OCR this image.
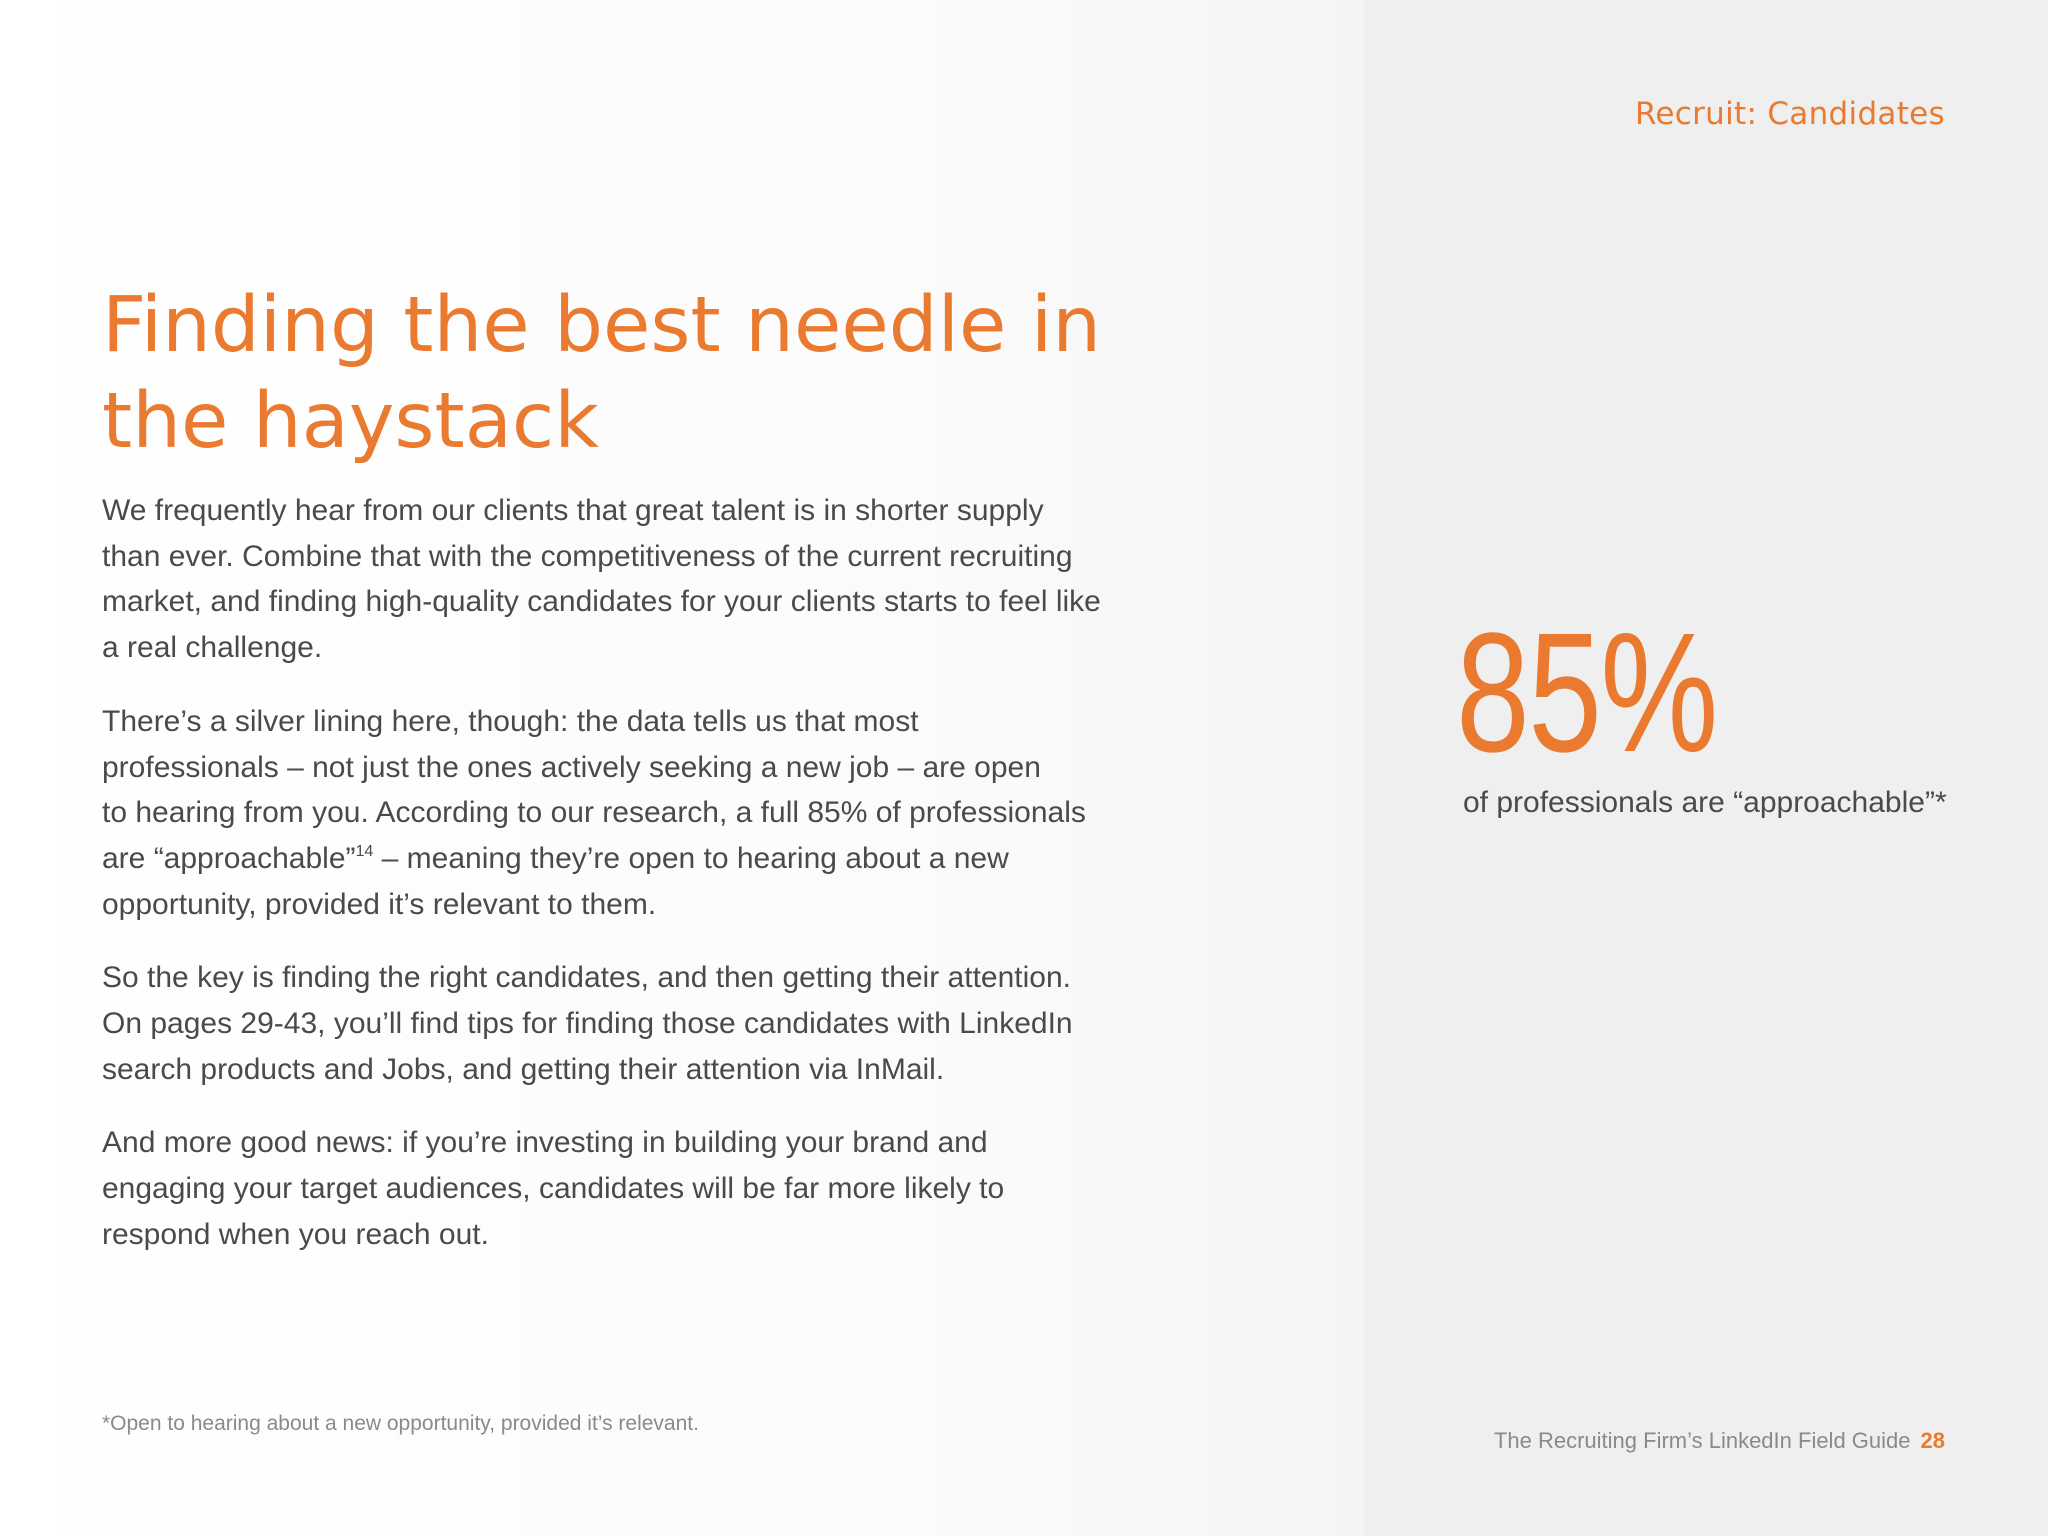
Recruit: Candidates
Finding the best needle in
the haystack

We frequently hear from our clients that great talent is in shorter supply
than ever. Combine that with the competitiveness of the current recruiting
market, and finding high-quality candidates for your clients starts to feel like
a real challenge.

There’s a silver lining here, though: the data tells us that most
professionals – not just the ones actively seeking a new job – are open
to hearing from you. According to our research, a full 85% of professionals
are “approachable”$^{14}$ – meaning they’re open to hearing about a new
opportunity, provided it’s relevant to them.

So the key is finding the right candidates, and then getting their attention.
On pages 29-43, you’ll find tips for finding those candidates with LinkedIn
search products and Jobs, and getting their attention via InMail.

And more good news: if you’re investing in building your brand and
engaging your target audiences, candidates will be far more likely to
respond when you reach out.

85%
of professionals are “approachable”*
*Open to hearing about a new opportunity, provided it’s relevant.
The Recruiting Firm’s LinkedIn Field Guide 28
